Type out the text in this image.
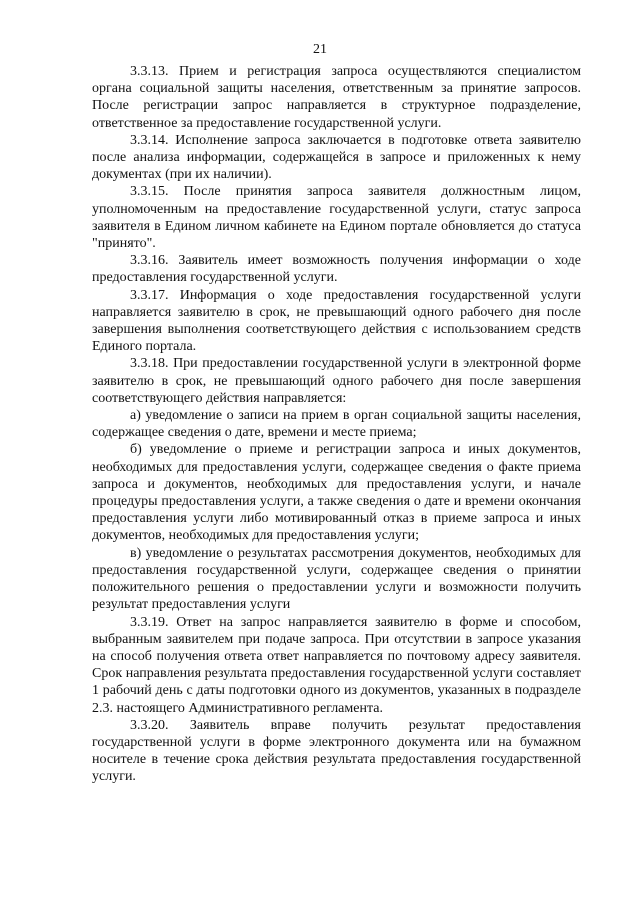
21

3.3.13. Прием и регистрация запроса осуществляются специалистом органа социальной защиты населения, ответственным за принятие запросов. После регистрации запрос направляется в структурное подразделение, ответственное за предоставление государственной услуги.

3.3.14. Исполнение запроса заключается в подготовке ответа заявителю после анализа информации, содержащейся в запросе и приложенных к нему документах (при их наличии).

3.3.15. После принятия запроса заявителя должностным лицом, уполномоченным на предоставление государственной услуги, статус запроса заявителя в Едином личном кабинете на Едином портале обновляется до статуса "принято".

3.3.16. Заявитель имеет возможность получения информации о ходе предоставления государственной услуги.

3.3.17. Информация о ходе предоставления государственной услуги направляется заявителю в срок, не превышающий одного рабочего дня после завершения выполнения соответствующего действия с использованием средств Единого портала.

3.3.18. При предоставлении государственной услуги в электронной форме заявителю в срок, не превышающий одного рабочего дня после завершения соответствующего действия направляется:

а) уведомление о записи на прием в орган социальной защиты населения, содержащее сведения о дате, времени и месте приема;

б) уведомление о приеме и регистрации запроса и иных документов, необходимых для предоставления услуги, содержащее сведения о факте приема запроса и документов, необходимых для предоставления услуги, и начале процедуры предоставления услуги, а также сведения о дате и времени окончания предоставления услуги либо мотивированный отказ в приеме запроса и иных документов, необходимых для предоставления услуги;

в) уведомление о результатах рассмотрения документов, необходимых для предоставления государственной услуги, содержащее сведения о принятии положительного решения о предоставлении услуги и возможности получить результат предоставления услуги

3.3.19. Ответ на запрос направляется заявителю в форме и способом, выбранным заявителем при подаче запроса. При отсутствии в запросе указания на способ получения ответа ответ направляется по почтовому адресу заявителя. Срок направления результата предоставления государственной услуги составляет 1 рабочий день с даты подготовки одного из документов, указанных в подразделе 2.3. настоящего Административного регламента.

3.3.20. Заявитель вправе получить результат предоставления государственной услуги в форме электронного документа или на бумажном носителе в течение срока действия результата предоставления государственной услуги.
